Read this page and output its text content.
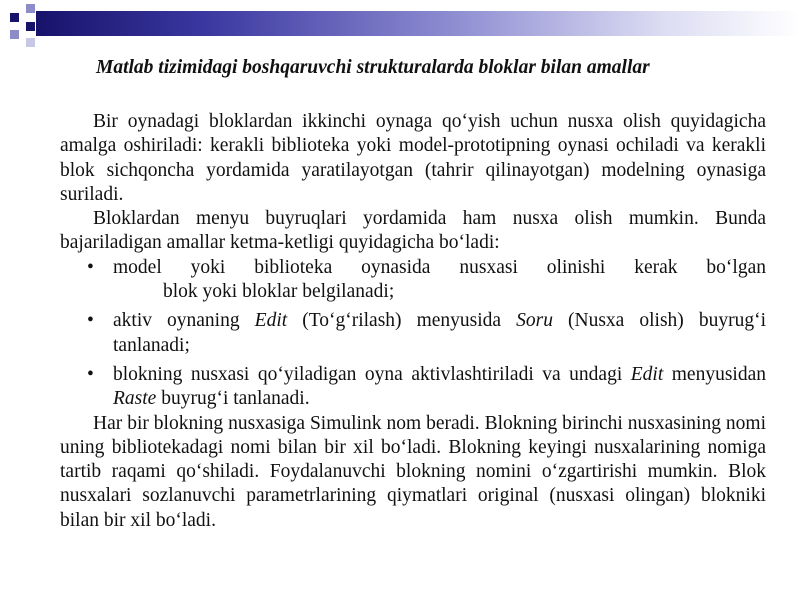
Matlab tizimidagi boshqaruvchi strukturalarda bloklar bilan amallar

Bir oynadagi bloklardan ikkinchi oynaga qo‘yish uchun nusxa olish quyidagicha amalga oshiriladi: kerakli biblioteka yoki model-prototipning oynasi ochiladi va kerakli blok sichqoncha yordamida yaratilayotgan (tahrir qilinayotgan) modelning oynasiga suriladi.

Bloklardan menyu buyruqlari yordamida ham nusxa olish mumkin. Bunda bajariladigan amallar ketma-ketligi quyidagicha bo‘ladi:

• model yoki biblioteka oynasida nusxasi olinishi kerak bo‘lgan
blok yoki bloklar belgilanadi;
• aktiv oynaning Edit (To‘g‘rilash) menyusida Soru (Nusxa olish) buyrug‘i tanlanadi;
• blokning nusxasi qo‘yiladigan oyna aktivlashtiriladi va undagi Edit menyusidan Raste buyrug‘i tanlanadi.

Har bir blokning nusxasiga Simulink nom beradi. Blokning birinchi nusxasining nomi uning bibliotekadagi nomi bilan bir xil bo‘ladi. Blokning keyingi nusxalarining nomiga tartib raqami qo‘shiladi. Foydalanuvchi blokning nomini o‘zgartirishi mumkin. Blok nusxalari sozlanuvchi parametrlarining qiymatlari original (nusxasi olingan) blokniki bilan bir xil bo‘ladi.
